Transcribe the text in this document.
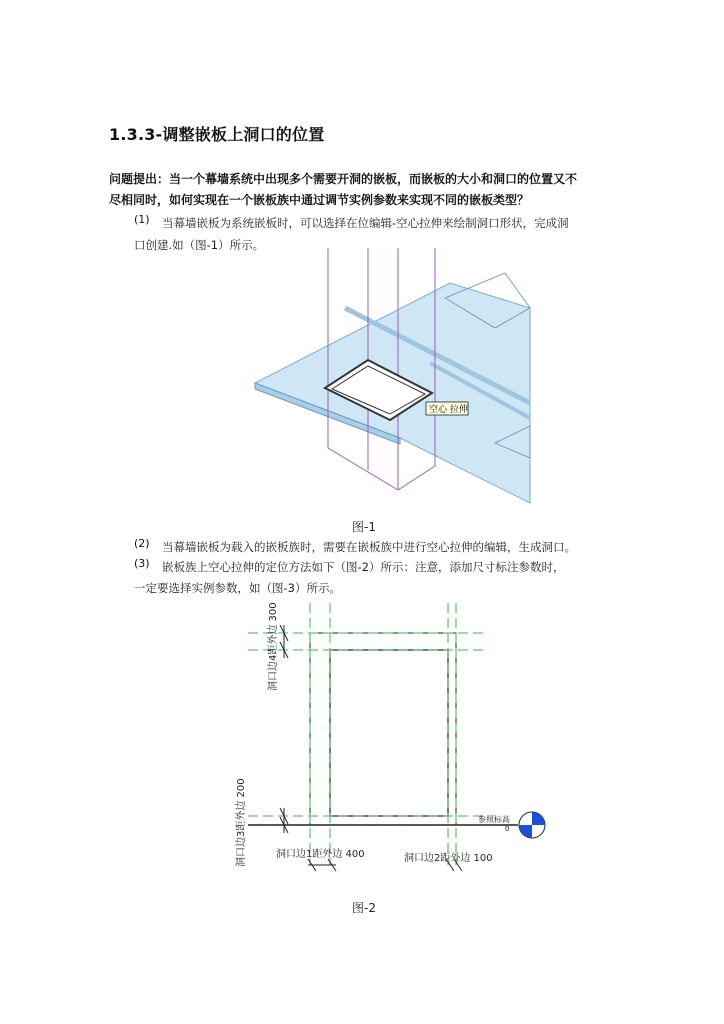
1.3.3-调整嵌板上洞口的位置
问题提出：当一个幕墙系统中出现多个需要开洞的嵌板，而嵌板的大小和洞口的位置又不
尽相同时，如何实现在一个嵌板族中通过调节实例参数来实现不同的嵌板类型？
(1) 当幕墙嵌板为系统嵌板时，可以选择在位编辑-空心拉伸来绘制洞口形状，完成洞
口创建.如（图-1）所示。
空心 拉伸
图-1
(2) 当幕墙嵌板为载入的嵌板族时，需要在嵌板族中进行空心拉伸的编辑，生成洞口。
(3) 嵌板族上空心拉伸的定位方法如下（图-2）所示：注意，添加尺寸标注参数时，
一定要选择实例参数，如（图-3）所示。
洞口边4距外边 300
洞口边3距外边 200	洞口边1距外边 400	洞口边2距外边 100
参照标高
0
图-2
